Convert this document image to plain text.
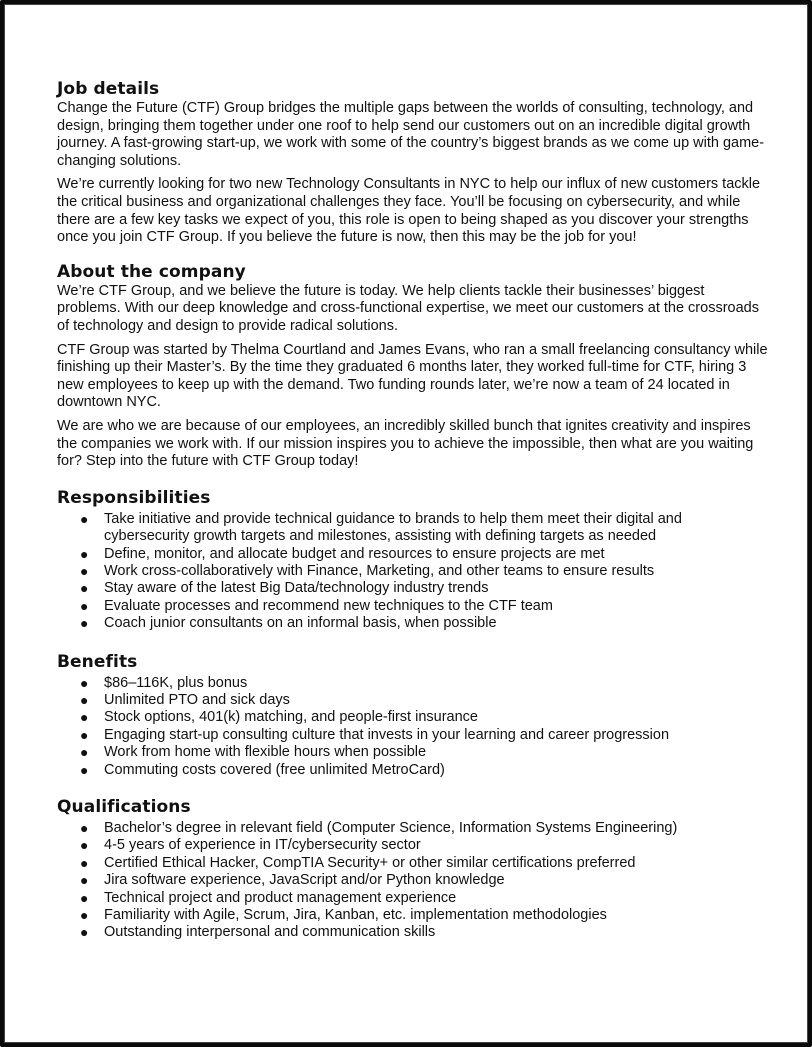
Job details

Change the Future (CTF) Group bridges the multiple gaps between the worlds of consulting, technology, and design, bringing them together under one roof to help send our customers out on an incredible digital growth journey. A fast-growing start-up, we work with some of the country’s biggest brands as we come up with game-changing solutions.

We’re currently looking for two new Technology Consultants in NYC to help our influx of new customers tackle the critical business and organizational challenges they face. You’ll be focusing on cybersecurity, and while there are a few key tasks we expect of you, this role is open to being shaped as you discover your strengths once you join CTF Group. If you believe the future is now, then this may be the job for you!

About the company

We’re CTF Group, and we believe the future is today. We help clients tackle their businesses’ biggest problems. With our deep knowledge and cross-functional expertise, we meet our customers at the crossroads of technology and design to provide radical solutions.

CTF Group was started by Thelma Courtland and James Evans, who ran a small freelancing consultancy while finishing up their Master’s. By the time they graduated 6 months later, they worked full-time for CTF, hiring 3 new employees to keep up with the demand. Two funding rounds later, we’re now a team of 24 located in downtown NYC.

We are who we are because of our employees, an incredibly skilled bunch that ignites creativity and inspires the companies we work with. If our mission inspires you to achieve the impossible, then what are you waiting for? Step into the future with CTF Group today!

Responsibilities
● Take initiative and provide technical guidance to brands to help them meet their digital and cybersecurity growth targets and milestones, assisting with defining targets as needed
● Define, monitor, and allocate budget and resources to ensure projects are met
● Work cross-collaboratively with Finance, Marketing, and other teams to ensure results
● Stay aware of the latest Big Data/technology industry trends
● Evaluate processes and recommend new techniques to the CTF team
● Coach junior consultants on an informal basis, when possible
Benefits
● $86–116K, plus bonus
● Unlimited PTO and sick days
● Stock options, 401(k) matching, and people-first insurance
● Engaging start-up consulting culture that invests in your learning and career progression
● Work from home with flexible hours when possible
● Commuting costs covered (free unlimited MetroCard)
Qualifications
● Bachelor’s degree in relevant field (Computer Science, Information Systems Engineering)
● 4-5 years of experience in IT/cybersecurity sector
● Certified Ethical Hacker, CompTIA Security+ or other similar certifications preferred
● Jira software experience, JavaScript and/or Python knowledge
● Technical project and product management experience
● Familiarity with Agile, Scrum, Jira, Kanban, etc. implementation methodologies
● Outstanding interpersonal and communication skills
